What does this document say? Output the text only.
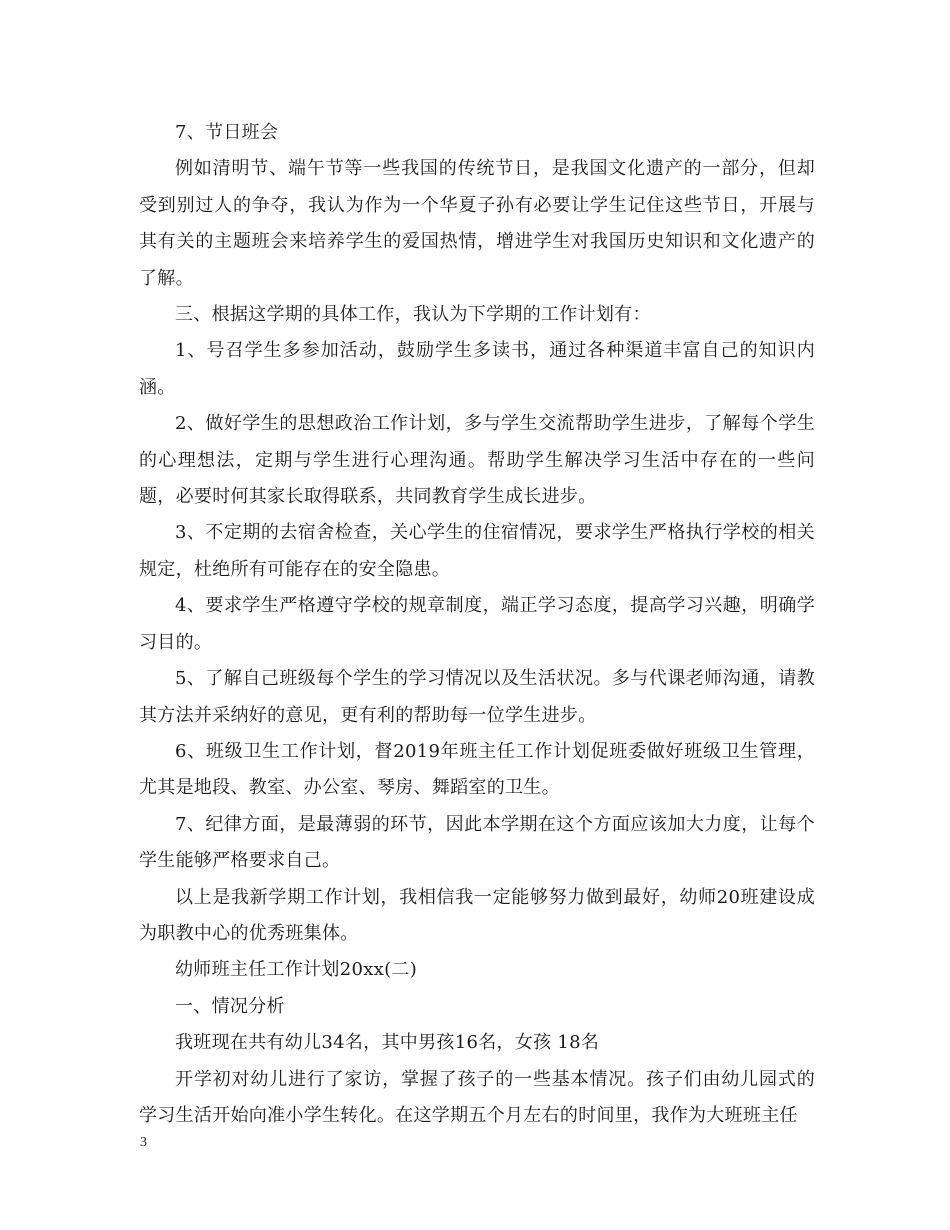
7、节日班会

例如清明节、端午节等一些我国的传统节日，是我国文化遗产的一部分，但却受到别过人的争夺，我认为作为一个华夏子孙有必要让学生记住这些节日，开展与其有关的主题班会来培养学生的爱国热情，增进学生对我国历史知识和文化遗产的了解。

三、根据这学期的具体工作，我认为下学期的工作计划有：

1、号召学生多参加活动，鼓励学生多读书，通过各种渠道丰富自己的知识内涵。

2、做好学生的思想政治工作计划，多与学生交流帮助学生进步，了解每个学生的心理想法，定期与学生进行心理沟通。帮助学生解决学习生活中存在的一些问题，必要时何其家长取得联系，共同教育学生成长进步。

3、不定期的去宿舍检查，关心学生的住宿情况，要求学生严格执行学校的相关规定，杜绝所有可能存在的安全隐患。

4、要求学生严格遵守学校的规章制度，端正学习态度，提高学习兴趣，明确学习目的。

5、了解自己班级每个学生的学习情况以及生活状况。多与代课老师沟通，请教其方法并采纳好的意见，更有利的帮助每一位学生进步。

6、班级卫生工作计划，督2019年班主任工作计划促班委做好班级卫生管理，尤其是地段、教室、办公室、琴房、舞蹈室的卫生。

7、纪律方面，是最薄弱的环节，因此本学期在这个方面应该加大力度，让每个学生能够严格要求自己。

以上是我新学期工作计划，我相信我一定能够努力做到最好，幼师20班建设成为职教中心的优秀班集体。

幼师班主任工作计划20xx(二)

一、情况分析

我班现在共有幼儿34名，其中男孩16名，女孩 18名

开学初对幼儿进行了家访，掌握了孩子的一些基本情况。孩子们由幼儿园式的学习生活开始向准小学生转化。在这学期五个月左右的时间里，我作为大班班主任

3
